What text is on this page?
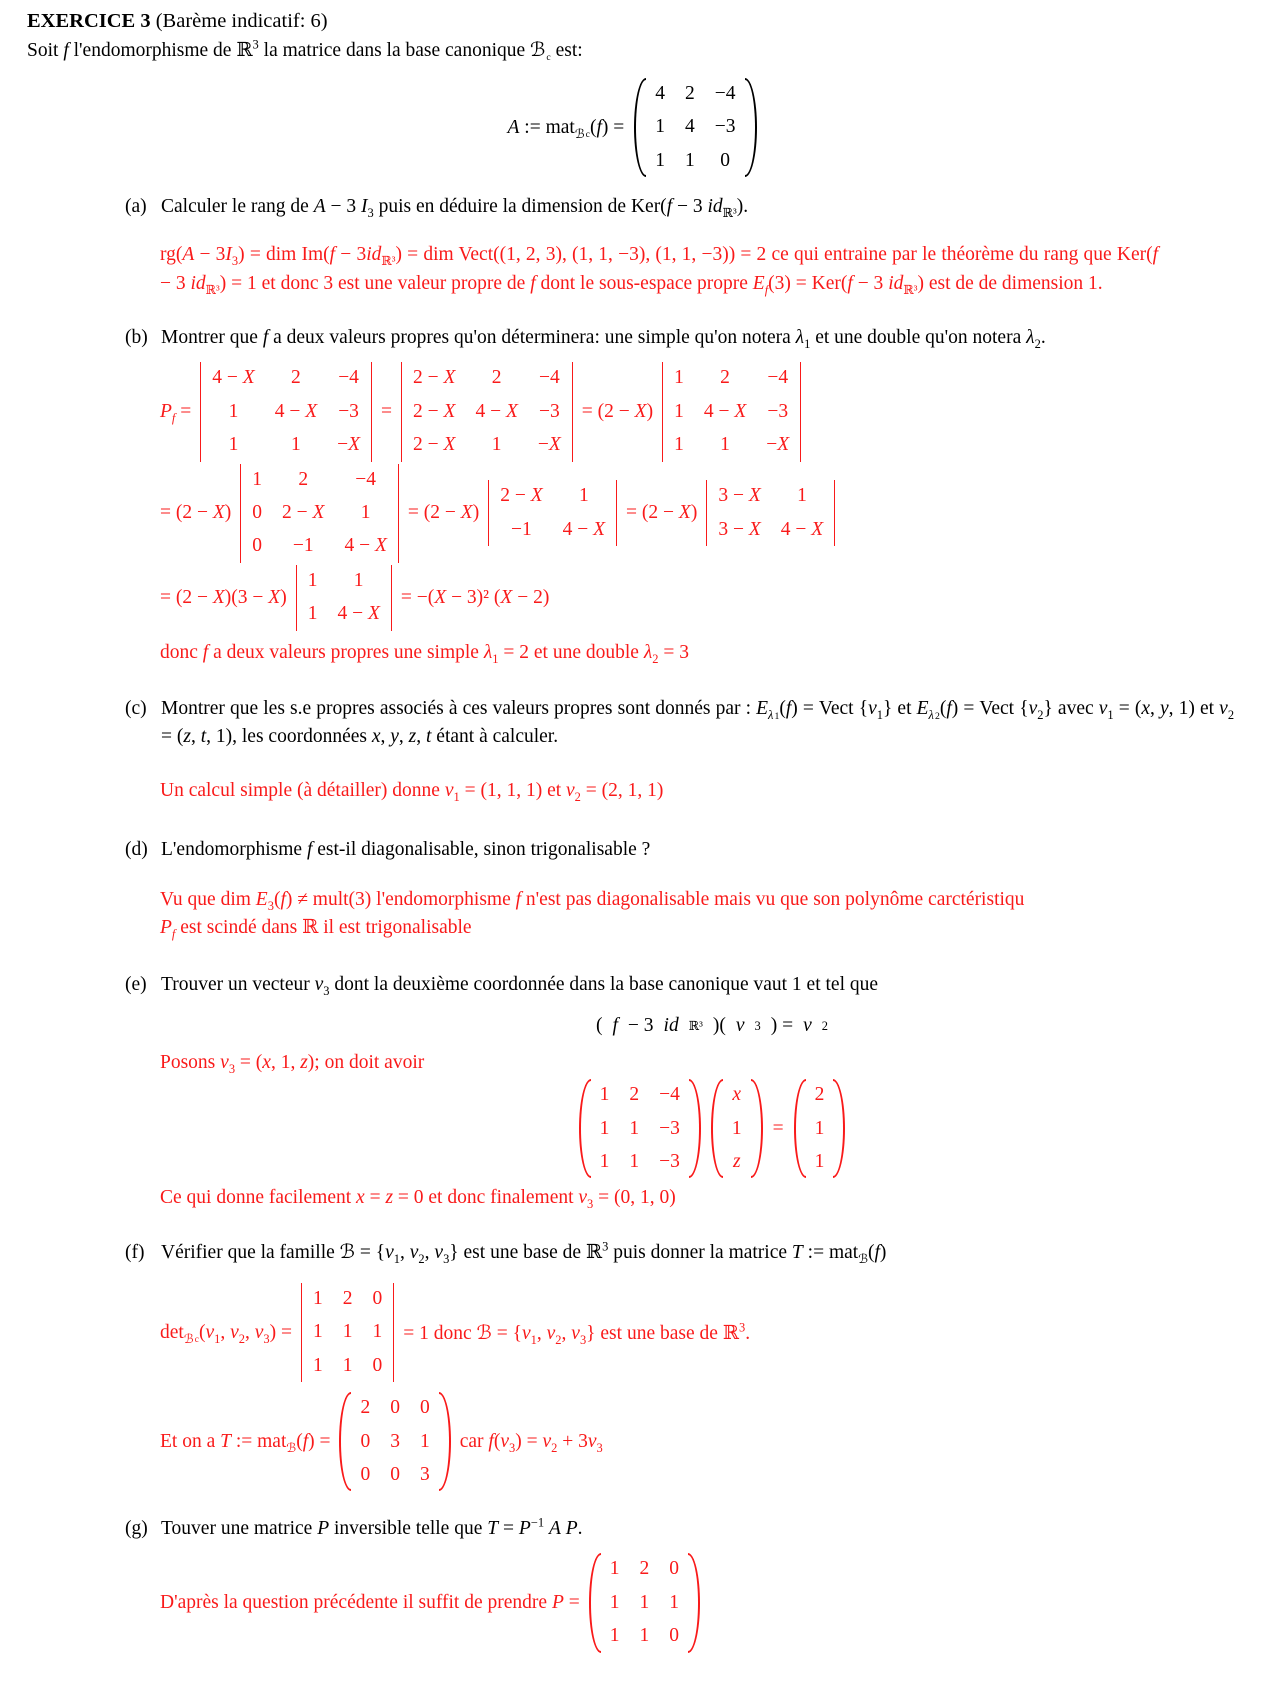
EXERCICE 3 (Barème indicatif: 6)
Soit f l'endomorphisme de ℝ$^3$ la matrice dans la base canonique ℬ$_c$ est:
A := mat$_{ℬc}$(f) =
4 2 −4
1 4 −3
1 1 0
(a) Calculer le rang de A − 3 $I_3$ puis en déduire la dimension de Ker(f − 3 $id_{ℝ^3}$).
$rg(A - 3I_3)$ = dim $Im(f - 3id_{ℝ^3})$ = dim Vect((1, 2, 3), (1, 1, −3), (1, 1, −3)) = 2 ce qui entraine par le théorème du rang que Ker(f − 3 $id_{ℝ^3}) = 1$ et donc 3 est une valeur propre de f dont le sous-espace propre $E_f(3) = Ker(f - 3$ $id_{ℝ^3}$) est de de dimension 1.
(b) Montrer que f a deux valeurs propres qu'on déterminera: une simple qu'on notera $\lambda_1$ et une double qu'on notera $\lambda_2$.
$P_f$ =
4 − X 2 −4
1 4 − X −3
1	1 −X
=
2 − X 2 −4
2 − X 4 − X −3
2 − X 1 −X
= (2 − X)
1 2 −4
1 4 − X −3
1 1 −X
= (2 − X)
1 2 −4
0 2 − X 1
0 −1 4 − X
= (2 − X)
2 − X 1
−1 4 − X
= (2 − X)
3 − X 1
3 − X 4 − X
= (2 − X)(3 − X)
1 1
1 4 − X
= −(X − 3)² (X − 2)
donc f a deux valeurs propres une simple $\lambda_1 = 2$ et une double $\lambda_2 = 3$
(c) Montrer que les s.e propres associés à ces valeurs propres sont donnés par : $E_{\lambda 1}(f)$ = Vect $\{v_1\}$ et $E_{\lambda 2}(f)$ = Vect $\{v_2\}$ avec $v_1 = (x$, y, 1) et $v_2 = (z$, t, 1), les coordonnées x, y, z, t étant à calculer.
Un calcul simple (à détailler) donne $v_1 = (1$, 1, 1) et $v_2 = (2$, 1, 1)
(d) L'endomorphisme f est-il diagonalisable, sinon trigonalisable ?
Vu que dim $E_3(f)$ ≠ mult(3) l'endomorphisme f n'est pas diagonalisable mais vu que son polynôme carctéristiqu
$P_f$ est scindé dans ℝ il est trigonalisable
(e) Trouver un vecteur $v_3$ dont la deuxième coordonnée dans la base canonique vaut 1 et tel que
( f − 3 id ℝ³ )( v 3 ) = v 2
Posons $v_3 = (x$, 1, z); on doit avoir
1 2 −4
1 1 −3
1 1 −3
x
1
z
=
2
1
1
Ce qui donne facilement x = z = 0 et donc finalement $v_3 = (0$, 1, 0)
(f) Vérifier que la famille ℬ = {$v_1$, $v_2$, $v_3$} est une base de ℝ$^3$ puis donner la matrice T := mat$_ℬ$(f)
$\det_{ℬc}(v_1$, $v_2$, $v_3$) =
1 2 0
1 1 1
1 1 0
= 1 donc ℬ = {$v_1$, $v_2$, $v_3$} est une base de ℝ$^3$.
Et on a T := mat$_ℬ$(f) =
2 0 0
0 3 1
0 0 3
car $f(v_3) = v_2 + 3v_3$
(g) Touver une matrice P inversible telle que $T = P^{-1}$ A P.
D'après la question précédente il suffit de prendre P =
1 2 0
1 1 1
1 1 0
